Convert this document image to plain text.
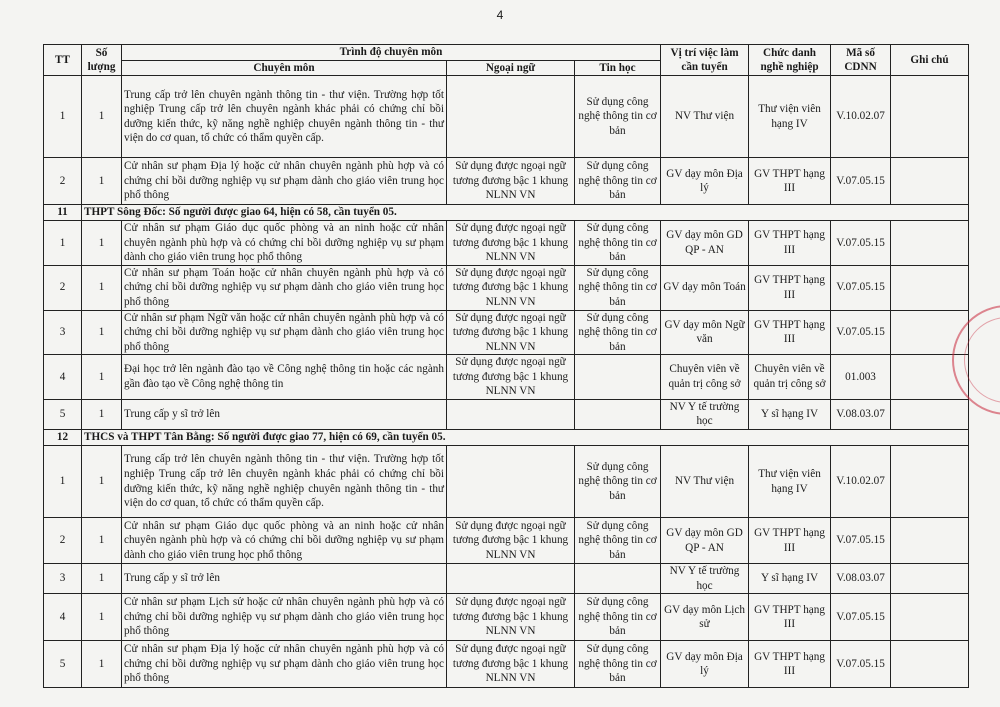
4
TT	Số lượng	Trình độ chuyên môn			Vị trí việc làm cần tuyển	Chức danh nghề nghiệp	Mã số CDNN	Ghi chú
		Chuyên môn	Ngoại ngữ	Tin học				
1	1	Trung cấp trở lên chuyên ngành thông tin - thư viện. Trường hợp tốt nghiệp Trung cấp trở lên chuyên ngành khác phải có chứng chỉ bồi dưỡng kiến thức, kỹ năng nghề nghiệp chuyên ngành thông tin - thư viện do cơ quan, tổ chức có thẩm quyền cấp.		Sử dụng công nghệ thông tin cơ bản	NV Thư viện	Thư viện viên hạng IV	V.10.02.07	
2	1	Cử nhân sư phạm Địa lý hoặc cử nhân chuyên ngành phù hợp và có chứng chỉ bồi dưỡng nghiệp vụ sư phạm dành cho giáo viên trung học phổ thông	Sử dụng được ngoại ngữ tương đương bậc 1 khung NLNN VN	Sử dụng công nghệ thông tin cơ bản	GV dạy môn Địa lý	GV THPT hạng III	V.07.05.15	
11	THPT Sông Đốc: Số người được giao 64, hiện có 58, cần tuyển 05.							
1	1	Cử nhân sư phạm Giáo dục quốc phòng và an ninh hoặc cử nhân chuyên ngành phù hợp và có chứng chỉ bồi dưỡng nghiệp vụ sư phạm dành cho giáo viên trung học phổ thông	Sử dụng được ngoại ngữ tương đương bậc 1 khung NLNN VN	Sử dụng công nghệ thông tin cơ bản	GV dạy môn GD QP - AN	GV THPT hạng III	V.07.05.15	
2	1	Cử nhân sư phạm Toán hoặc cử nhân chuyên ngành phù hợp và có chứng chỉ bồi dưỡng nghiệp vụ sư phạm dành cho giáo viên trung học phổ thông	Sử dụng được ngoại ngữ tương đương bậc 1 khung NLNN VN	Sử dụng công nghệ thông tin cơ bản	GV dạy môn Toán	GV THPT hạng III	V.07.05.15	
3	1	Cử nhân sư phạm Ngữ văn hoặc cử nhân chuyên ngành phù hợp và có chứng chỉ bồi dưỡng nghiệp vụ sư phạm dành cho giáo viên trung học phổ thông	Sử dụng được ngoại ngữ tương đương bậc 1 khung NLNN VN	Sử dụng công nghệ thông tin cơ bản	GV dạy môn Ngữ văn	GV THPT hạng III	V.07.05.15	
4	1	Đại học trở lên ngành đào tạo về Công nghệ thông tin hoặc các ngành gần đào tạo về Công nghệ thông tin	Sử dụng được ngoại ngữ tương đương bậc 1 khung NLNN VN		Chuyên viên về quản trị công sở	Chuyên viên về quản trị công sở	01.003	
5	1	Trung cấp y sĩ trở lên			NV Y tế trường học	Y sĩ hạng IV	V.08.03.07	
12	THCS và THPT Tân Bằng: Số người được giao 77, hiện có 69, cần tuyển 05.							
1	1	Trung cấp trở lên chuyên ngành thông tin - thư viện. Trường hợp tốt nghiệp Trung cấp trở lên chuyên ngành khác phải có chứng chỉ bồi dưỡng kiến thức, kỹ năng nghề nghiệp chuyên ngành thông tin - thư viện do cơ quan, tổ chức có thẩm quyền cấp.		Sử dụng công nghệ thông tin cơ bản	NV Thư viện	Thư viện viên hạng IV	V.10.02.07	
2	1	Cử nhân sư phạm Giáo dục quốc phòng và an ninh hoặc cử nhân chuyên ngành phù hợp và có chứng chỉ bồi dưỡng nghiệp vụ sư phạm dành cho giáo viên trung học phổ thông	Sử dụng được ngoại ngữ tương đương bậc 1 khung NLNN VN	Sử dụng công nghệ thông tin cơ bản	GV dạy môn GD QP - AN	GV THPT hạng III	V.07.05.15	
3	1	Trung cấp y sĩ trở lên			NV Y tế trường học	Y sĩ hạng IV	V.08.03.07	
4	1	Cử nhân sư phạm Lịch sử hoặc cử nhân chuyên ngành phù hợp và có chứng chỉ bồi dưỡng nghiệp vụ sư phạm dành cho giáo viên trung học phổ thông	Sử dụng được ngoại ngữ tương đương bậc 1 khung NLNN VN	Sử dụng công nghệ thông tin cơ bản	GV dạy môn Lịch sử	GV THPT hạng III	V.07.05.15	
5	1	Cử nhân sư phạm Địa lý hoặc cử nhân chuyên ngành phù hợp và có chứng chỉ bồi dưỡng nghiệp vụ sư phạm dành cho giáo viên trung học phổ thông	Sử dụng được ngoại ngữ tương đương bậc 1 khung NLNN VN	Sử dụng công nghệ thông tin cơ bản	GV dạy môn Địa lý	GV THPT hạng III	V.07.05.15	
